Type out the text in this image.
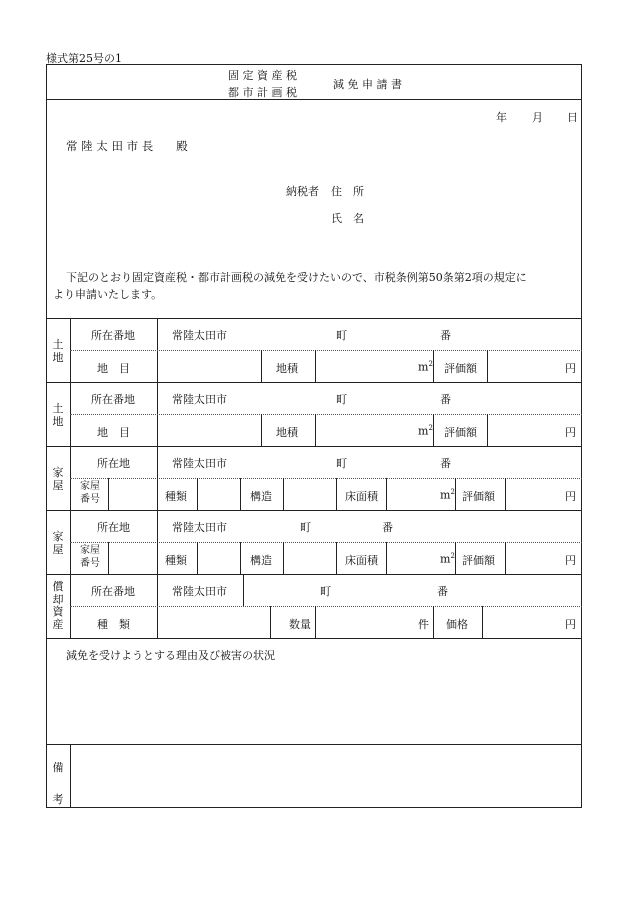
様式第25号の1
固 定 資 産 税
都 市 計 画 税
減 免 申 請 書
年 月 日
常 陸 太 田 市 長　　殿
納税者 住　所
氏　名
下記のとおり固定資産税・都市計画税の減免を受けたいので、市税条例第50条第2項の規定に
より申請いたします。
土
地
所在番地	常陸太田市	町	番
地　目	地積	$m^2$ 評価額	円
土
地
所在番地	常陸太田市	町	番
地　目	地積	$m^2$ 評価額	円
家
屋
所在地	常陸太田市	町	番
家屋
番号	種類	構造	床面積	$m^2$ 評価額	円
家
屋
所在地	常陸太田市	町	番
家屋
番号	種類	構造	床面積	$m^2$ 評価額	円
償
却
資
産
所在番地	常陸太田市	町	番
種　類	数量	件 価格	円
減免を受けようとする理由及び被害の状況
備

考
